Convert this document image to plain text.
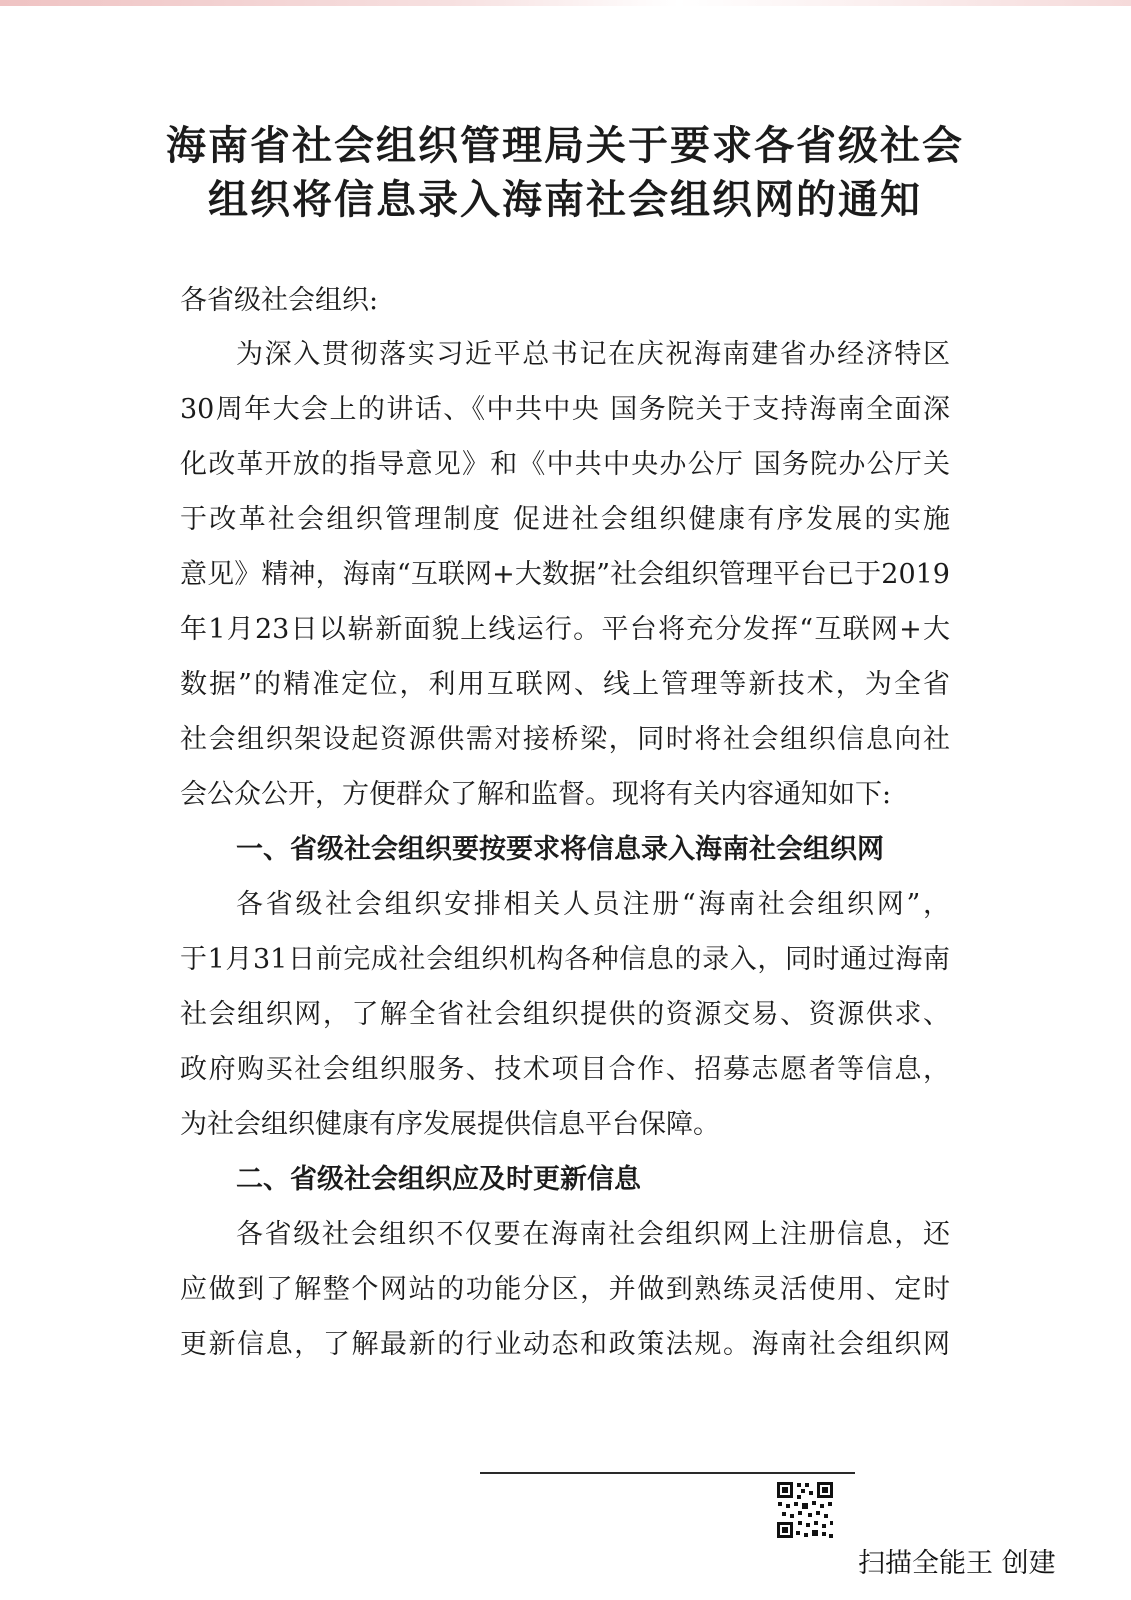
海南省社会组织管理局关于要求各省级社会
组织将信息录入海南社会组织网的通知
各省级社会组织:
为深入贯彻落实习近平总书记在庆祝海南建省办经济特区
30周年大会上的讲话、《中共中央 国务院关于支持海南全面深
化改革开放的指导意见》和《中共中央办公厅 国务院办公厅关
于改革社会组织管理制度 促进社会组织健康有序发展的实施
意见》精神，海南“互联网+大数据”社会组织管理平台已于2019
年1月23日以崭新面貌上线运行。平台将充分发挥“互联网+大
数据”的精准定位，利用互联网、线上管理等新技术，为全省
社会组织架设起资源供需对接桥梁，同时将社会组织信息向社
会公众公开，方便群众了解和监督。现将有关内容通知如下:
一、省级社会组织要按要求将信息录入海南社会组织网
各省级社会组织安排相关人员注册“海南社会组织网”，
于1月31日前完成社会组织机构各种信息的录入，同时通过海南
社会组织网，了解全省社会组织提供的资源交易、资源供求、
政府购买社会组织服务、技术项目合作、招募志愿者等信息，
为社会组织健康有序发展提供信息平台保障。
二、省级社会组织应及时更新信息
各省级社会组织不仅要在海南社会组织网上注册信息，还
应做到了解整个网站的功能分区，并做到熟练灵活使用、定时
更新信息，了解最新的行业动态和政策法规。海南社会组织网
扫描全能王 创建
